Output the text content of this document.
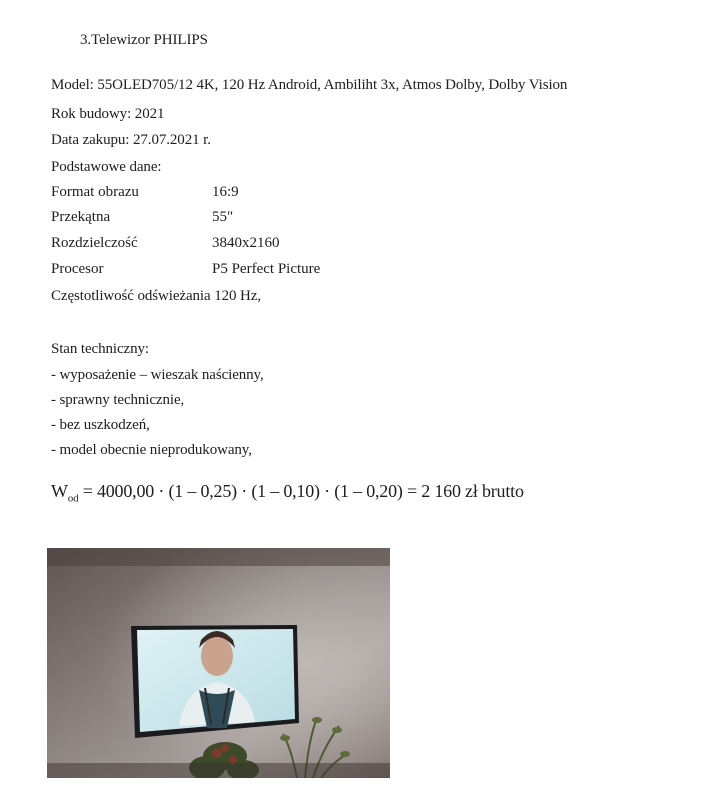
3.Telewizor PHILIPS
Model: 55OLED705/12 4K, 120 Hz Android, Ambiliht 3x, Atmos Dolby, Dolby Vision
Rok budowy: 2021
Data zakupu: 27.07.2021 r.
Podstawowe dane:
Format obrazu	16:9
Przekątna	55"
Rozdzielczość	3840x2160
Procesor	P5 Perfect Picture
Częstotliwość odświeżania 120 Hz,
Stan techniczny:
- wyposażenie – wieszak naścienny,
- sprawny technicznie,
- bez uszkodzeń,
- model obecnie nieprodukowany,
$W_{od} = 4000,00 \cdot (1 - 0,25) \cdot (1 - 0,10) \cdot (1 - 0,20) = 2$ 160 zł brutto
